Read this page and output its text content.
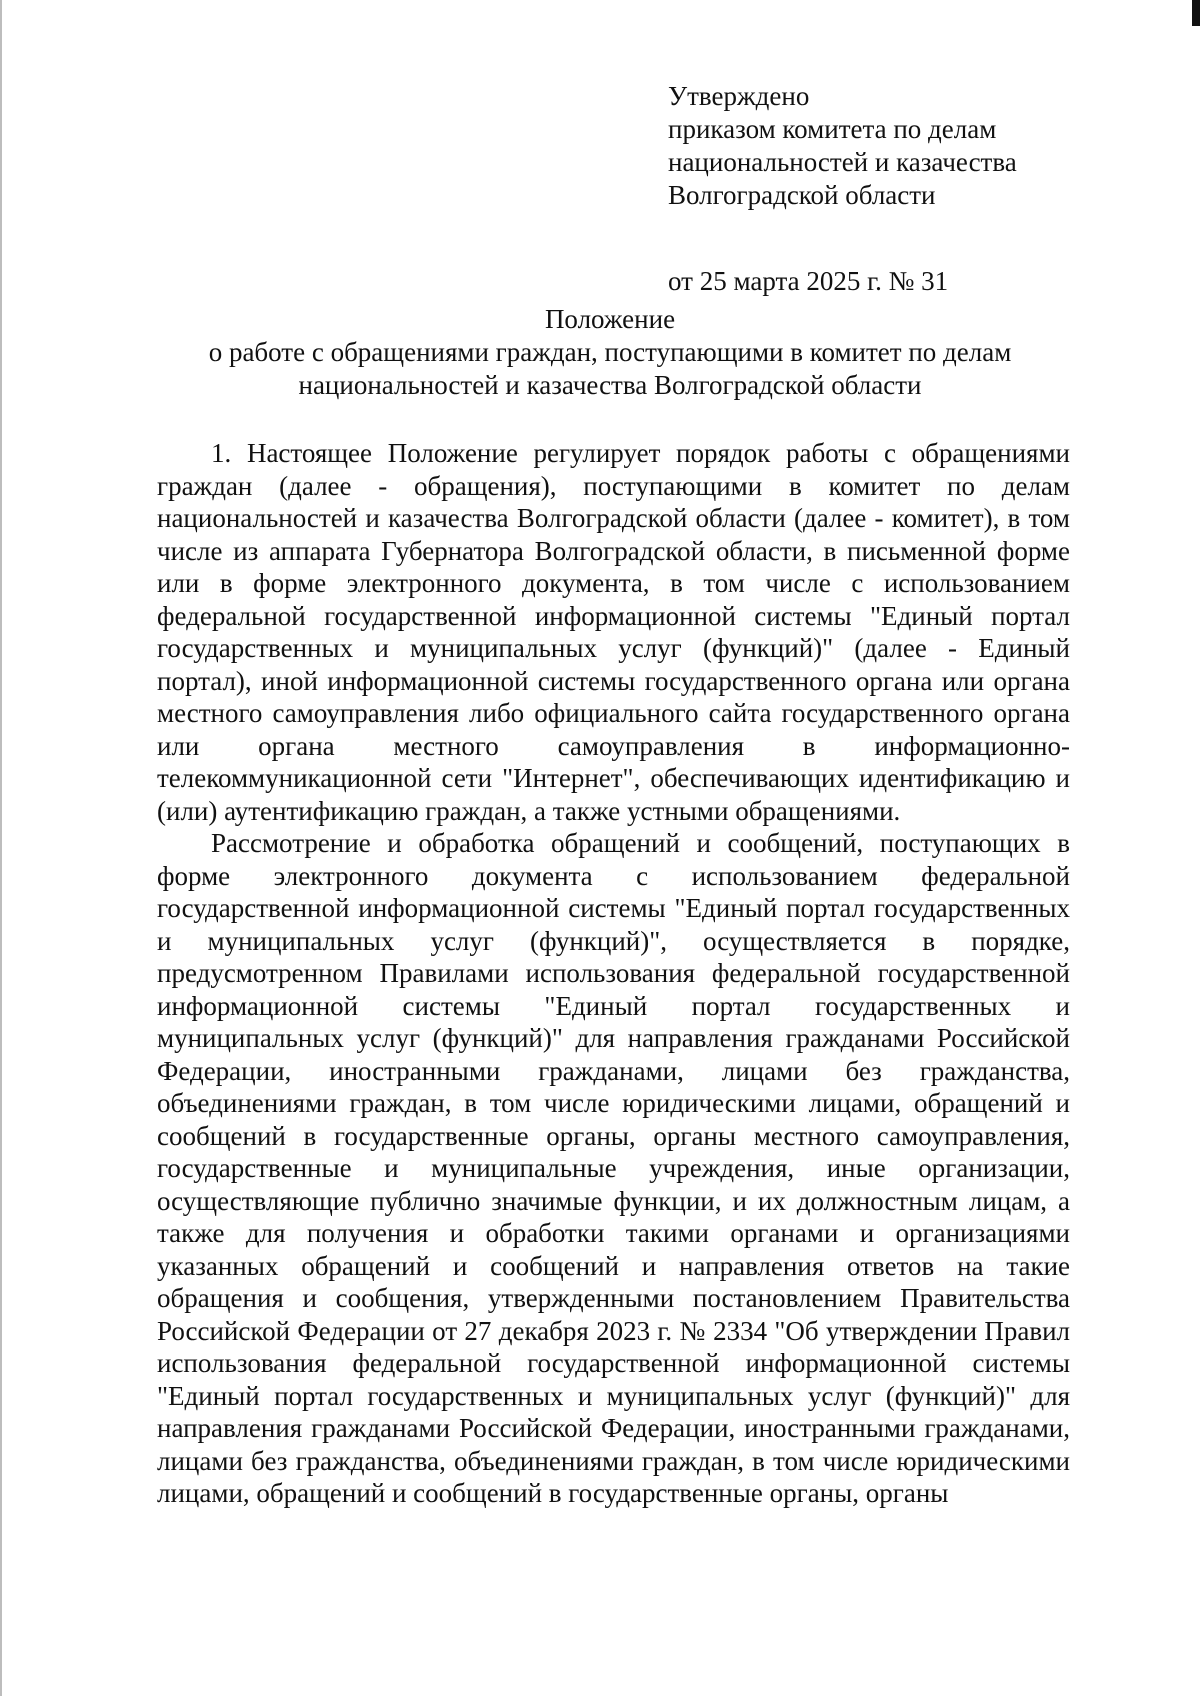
Утверждено
приказом комитета по делам
национальностей и казачества
Волгоградской области
от 25 марта 2025 г. № 31
Положение
о работе с обращениями граждан, поступающими в комитет по делам
национальностей и казачества Волгоградской области

1. Настоящее Положение регулирует порядок работы с обращениями граждан (далее - обращения), поступающими в комитет по делам национальностей и казачества Волгоградской области (далее - комитет), в том числе из аппарата Губернатора Волгоградской области, в письменной форме или в форме электронного документа, в том числе с использованием федеральной государственной информационной системы "Единый портал государственных и муниципальных услуг (функций)" (далее - Единый портал), иной информационной системы государственного органа или органа местного самоуправления либо официального сайта государственного органа или органа местного самоуправления в информационно-телекоммуникационной сети "Интернет", обеспечивающих идентификацию и (или) аутентификацию граждан, а также устными обращениями.

Рассмотрение и обработка обращений и сообщений, поступающих в форме электронного документа с использованием федеральной государственной информационной системы "Единый портал государственных и муниципальных услуг (функций)", осуществляется в порядке, предусмотренном Правилами использования федеральной государственной информационной системы "Единый портал государственных и муниципальных услуг (функций)" для направления гражданами Российской Федерации, иностранными гражданами, лицами без гражданства, объединениями граждан, в том числе юридическими лицами, обращений и сообщений в государственные органы, органы местного самоуправления, государственные и муниципальные учреждения, иные организации, осуществляющие публично значимые функции, и их должностным лицам, а также для получения и обработки такими органами и организациями указанных обращений и сообщений и направления ответов на такие обращения и сообщения, утвержденными постановлением Правительства Российской Федерации от 27 декабря 2023 г. № 2334 "Об утверждении Правил использования федеральной государственной информационной системы "Единый портал государственных и муниципальных услуг (функций)" для направления гражданами Российской Федерации, иностранными гражданами, лицами без гражданства, объединениями граждан, в том числе юридическими лицами, обращений и сообщений в государственные органы, органы
